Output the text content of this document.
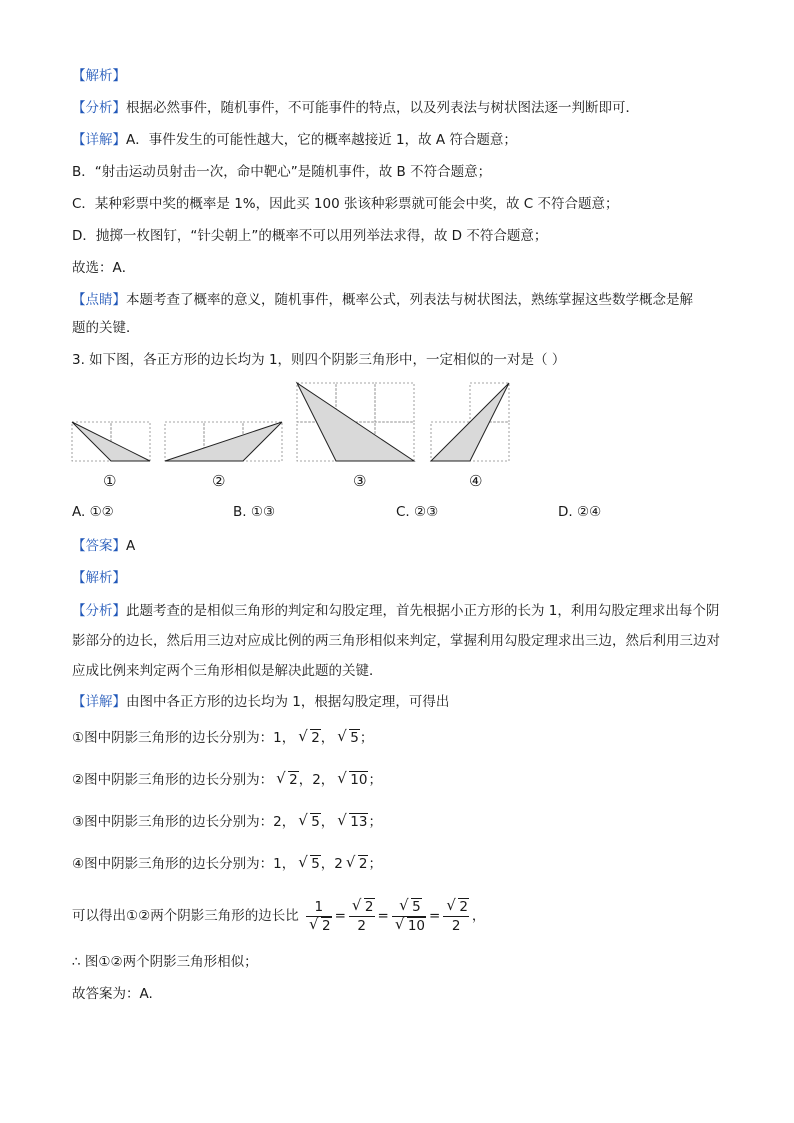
【解析】
【分析】根据必然事件，随机事件，不可能事件的特点，以及列表法与树状图法逐一判断即可．
【详解】A．事件发生的可能性越大，它的概率越接近 1，故 A 符合题意；
B．“射击运动员射击一次，命中靶心”是随机事件，故 B 不符合题意；
C．某种彩票中奖的概率是 1%，因此买 100 张该种彩票就可能会中奖，故 C 不符合题意；
D．抛掷一枚图钉，“针尖朝上”的概率不可以用列举法求得，故 D 不符合题意；
故选：A．
【点睛】本题考查了概率的意义，随机事件，概率公式，列表法与树状图法，熟练掌握这些数学概念是解
题的关键．
3. 如下图，各正方形的边长均为 1，则四个阴影三角形中，一定相似的一对是（ ）
①	②	③	④
A. ①②	B. ①③	C. ②③	D. ②④
【答案】A
【解析】
【分析】此题考查的是相似三角形的判定和勾股定理，首先根据小正方形的长为 1，利用勾股定理求出每个阴影部分的边长，然后用三边对应成比例的两三角形相似来判定，掌握利用勾股定理求出三边，然后利用三边对应成比例来判定两个三角形相似是解决此题的关键．
【详解】由图中各正方形的边长均为 1，根据勾股定理，可得出
①图中阴影三角形的边长分别为：1， √ 2， √ 5；
②图中阴影三角形的边长分别为： √ 2，2， √ 10；
③图中阴影三角形的边长分别为：2， √ 5， √ 13；
④图中阴影三角形的边长分别为：1， √ 5，2 √ 2；
可以得出①②两个阴影三角形的边长比 1
√ 2 = √ $\frac{2}{2}$ = √ 5
√ 10 = √ $\frac{2}{2}$ ，
∴ 图①②两个阴影三角形相似；
故答案为：A.
